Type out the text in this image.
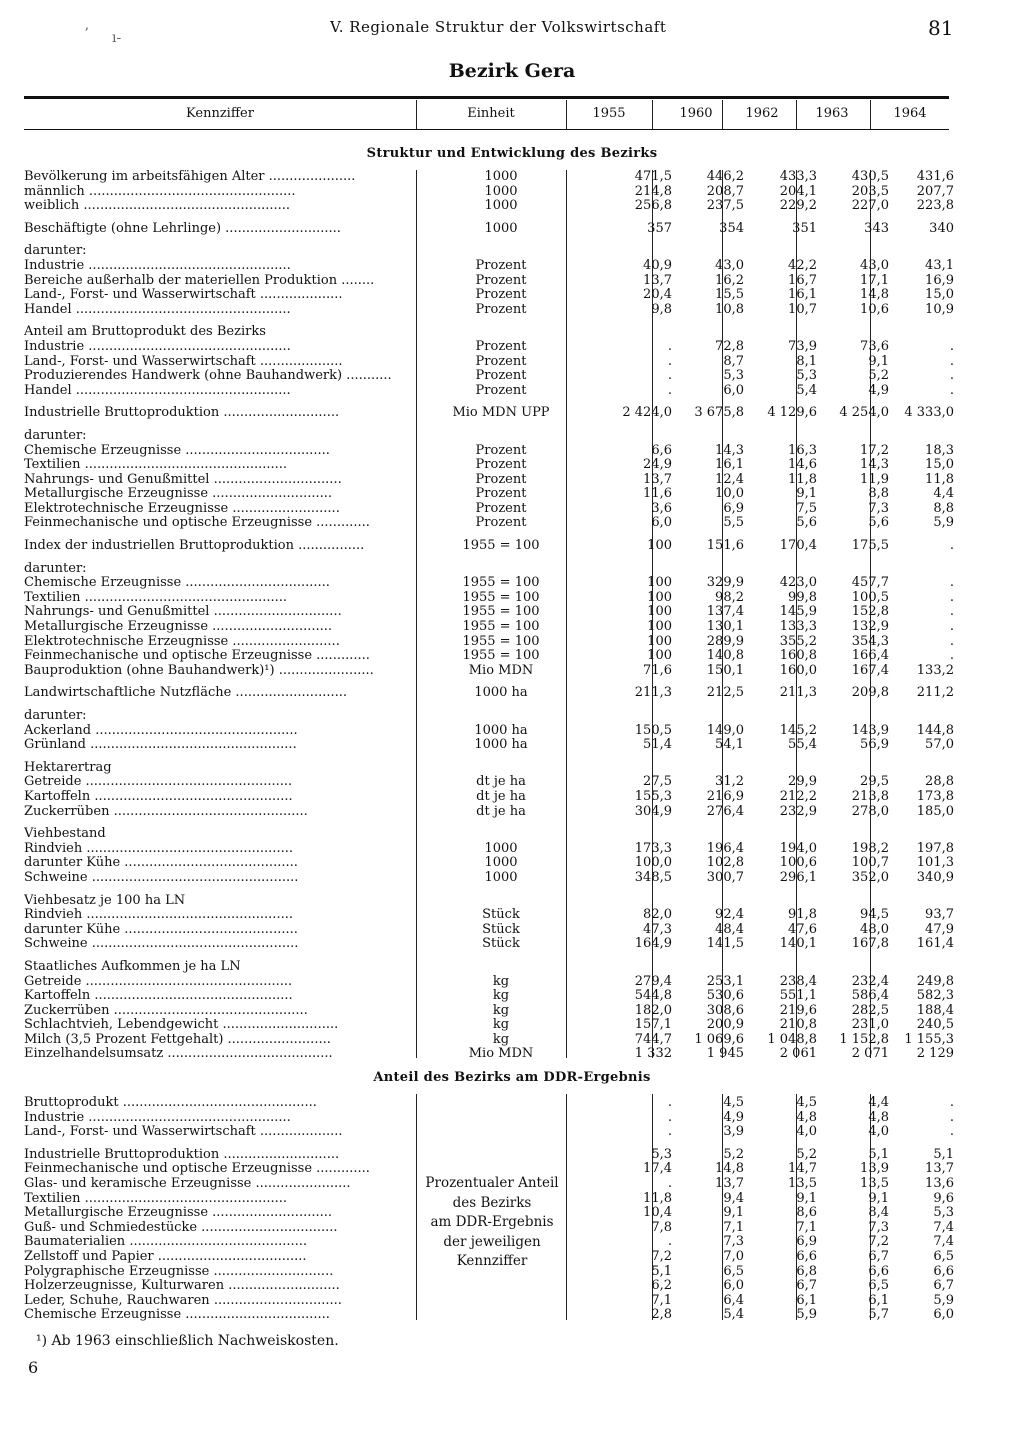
V. Regionale Struktur der Volkswirtschaft	81
Bezirk Gera
ʼ ı-
Kennziffer	Einheit	1955	1960	1962	1963	1964
Struktur und Entwicklung des Bezirks
Bevölkerung im arbeitsfähigen Alter .....................	1000	471,5	446,2	433,3	430,5	431,6
männlich ..................................................	1000	214,8	208,7	204,1	203,5	207,7
weiblich ..................................................	1000	256,8	237,5	229,2	227,0	223,8

Beschäftigte (ohne Lehrlinge) ............................	1000	357	354	351	343	340

darunter:						
Industrie .................................................	Prozent	40,9	43,0	42,2	43,0	43,1
Bereiche außerhalb der materiellen Produktion ........	Prozent	13,7	16,2	16,7	17,1	16,9
Land-, Forst- und Wasserwirtschaft ....................	Prozent	20,4	15,5	16,1	14,8	15,0
Handel ....................................................	Prozent	9,8	10,8	10,7	10,6	10,9

Anteil am Bruttoprodukt des Bezirks						
Industrie .................................................	Prozent	.	72,8	73,9	73,6	.
Land-, Forst- und Wasserwirtschaft ....................	Prozent	.	8,7	8,1	9,1	.
Produzierendes Handwerk (ohne Bauhandwerk) ...........	Prozent	.	5,3	5,3	5,2	.
Handel ....................................................	Prozent	.	6,0	5,4	4,9	.

Industrielle Bruttoproduktion ............................	Mio MDN UPP	2 424,0	3 675,8	4 129,6	4 254,0	4 333,0

darunter:						
Chemische Erzeugnisse ...................................	Prozent	6,6	14,3	16,3	17,2	18,3
Textilien .................................................	Prozent	24,9	16,1	14,6	14,3	15,0
Nahrungs- und Genußmittel ...............................	Prozent	13,7	12,4	11,8	11,9	11,8
Metallurgische Erzeugnisse .............................	Prozent	11,6	10,0	9,1	8,8	4,4
Elektrotechnische Erzeugnisse ..........................	Prozent	3,6	6,9	7,5	7,3	8,8
Feinmechanische und optische Erzeugnisse .............	Prozent	6,0	5,5	5,6	5,6	5,9

Index der industriellen Bruttoproduktion ................	1955 = 100	100	151,6	170,4	175,5	.

darunter:						
Chemische Erzeugnisse ...................................	1955 = 100	100	329,9	423,0	457,7	.
Textilien .................................................	1955 = 100	100	98,2	99,8	100,5	.
Nahrungs- und Genußmittel ...............................	1955 = 100	100	137,4	145,9	152,8	.
Metallurgische Erzeugnisse .............................	1955 = 100	100	130,1	133,3	132,9	.
Elektrotechnische Erzeugnisse ..........................	1955 = 100	100	289,9	355,2	354,3	.
Feinmechanische und optische Erzeugnisse .............	1955 = 100	100	140,8	160,8	166,4	.
Bauproduktion (ohne Bauhandwerk)¹) .......................	Mio MDN	71,6	150,1	160,0	167,4	133,2

Landwirtschaftliche Nutzfläche ...........................	1000 ha	211,3	212,5	211,3	209,8	211,2

darunter:						
Ackerland .................................................	1000 ha	150,5	149,0	145,2	143,9	144,8
Grünland ..................................................	1000 ha	51,4	54,1	55,4	56,9	57,0

Hektarertrag						
Getreide ..................................................	dt je ha	27,5	31,2	29,9	29,5	28,8
Kartoffeln ................................................	dt je ha	155,3	216,9	212,2	213,8	173,8
Zuckerrüben ...............................................	dt je ha	304,9	276,4	232,9	278,0	185,0

Viehbestand						
Rindvieh ..................................................	1000	173,3	196,4	194,0	198,2	197,8
darunter Kühe ..........................................	1000	100,0	102,8	100,6	100,7	101,3
Schweine ..................................................	1000	348,5	300,7	296,1	352,0	340,9

Viehbesatz je 100 ha LN						
Rindvieh ..................................................	Stück	82,0	92,4	91,8	94,5	93,7
darunter Kühe ..........................................	Stück	47,3	48,4	47,6	48,0	47,9
Schweine ..................................................	Stück	164,9	141,5	140,1	167,8	161,4

Staatliches Aufkommen je ha LN						
Getreide ..................................................	kg	279,4	253,1	238,4	232,4	249,8
Kartoffeln ................................................	kg	544,8	530,6	551,1	586,4	582,3
Zuckerrüben ...............................................	kg	182,0	308,6	219,6	282,5	188,4
Schlachtvieh, Lebendgewicht ............................	kg	157,1	200,9	210,8	231,0	240,5
Milch (3,5 Prozent Fettgehalt) .........................	kg	744,7	1 069,6	1 048,8	1 152,8	1 155,3
Einzelhandelsumsatz ........................................	Mio MDN	1 332	1 945	2 061	2 071	2 129
Anteil des Bezirks am DDR-Ergebnis
Bruttoprodukt ...............................................		.	4,5	4,5	4,4	.
Industrie .................................................		.	4,9	4,8	4,8	.
Land-, Forst- und Wasserwirtschaft ....................		.	3,9	4,0	4,0	.

Industrielle Bruttoproduktion ............................		5,3	5,2	5,2	5,1	5,1
Feinmechanische und optische Erzeugnisse .............		17,4	14,8	14,7	13,9	13,7
Glas- und keramische Erzeugnisse .......................		.	13,7	13,5	13,5	13,6
Textilien .................................................		11,8	9,4	9,1	9,1	9,6
Metallurgische Erzeugnisse .............................		10,4	9,1	8,6	8,4	5,3
Guß- und Schmiedestücke .................................		7,8	7,1	7,1	7,3	7,4
Baumaterialien ...........................................		.	7,3	6,9	7,2	7,4
Zellstoff und Papier ....................................		7,2	7,0	6,6	6,7	6,5
Polygraphische Erzeugnisse .............................		5,1	6,5	6,8	6,6	6,6
Holzerzeugnisse, Kulturwaren ...........................		6,2	6,0	6,7	6,5	6,7
Leder, Schuhe, Rauchwaren ...............................		7,1	6,4	6,1	6,1	5,9
Chemische Erzeugnisse ...................................		2,8	5,4	5,9	5,7	6,0
Prozentualer Anteil
des Bezirks
am DDR-Ergebnis
der jeweiligen
Kennziffer
¹) Ab 1963 einschließlich Nachweiskosten.
6
